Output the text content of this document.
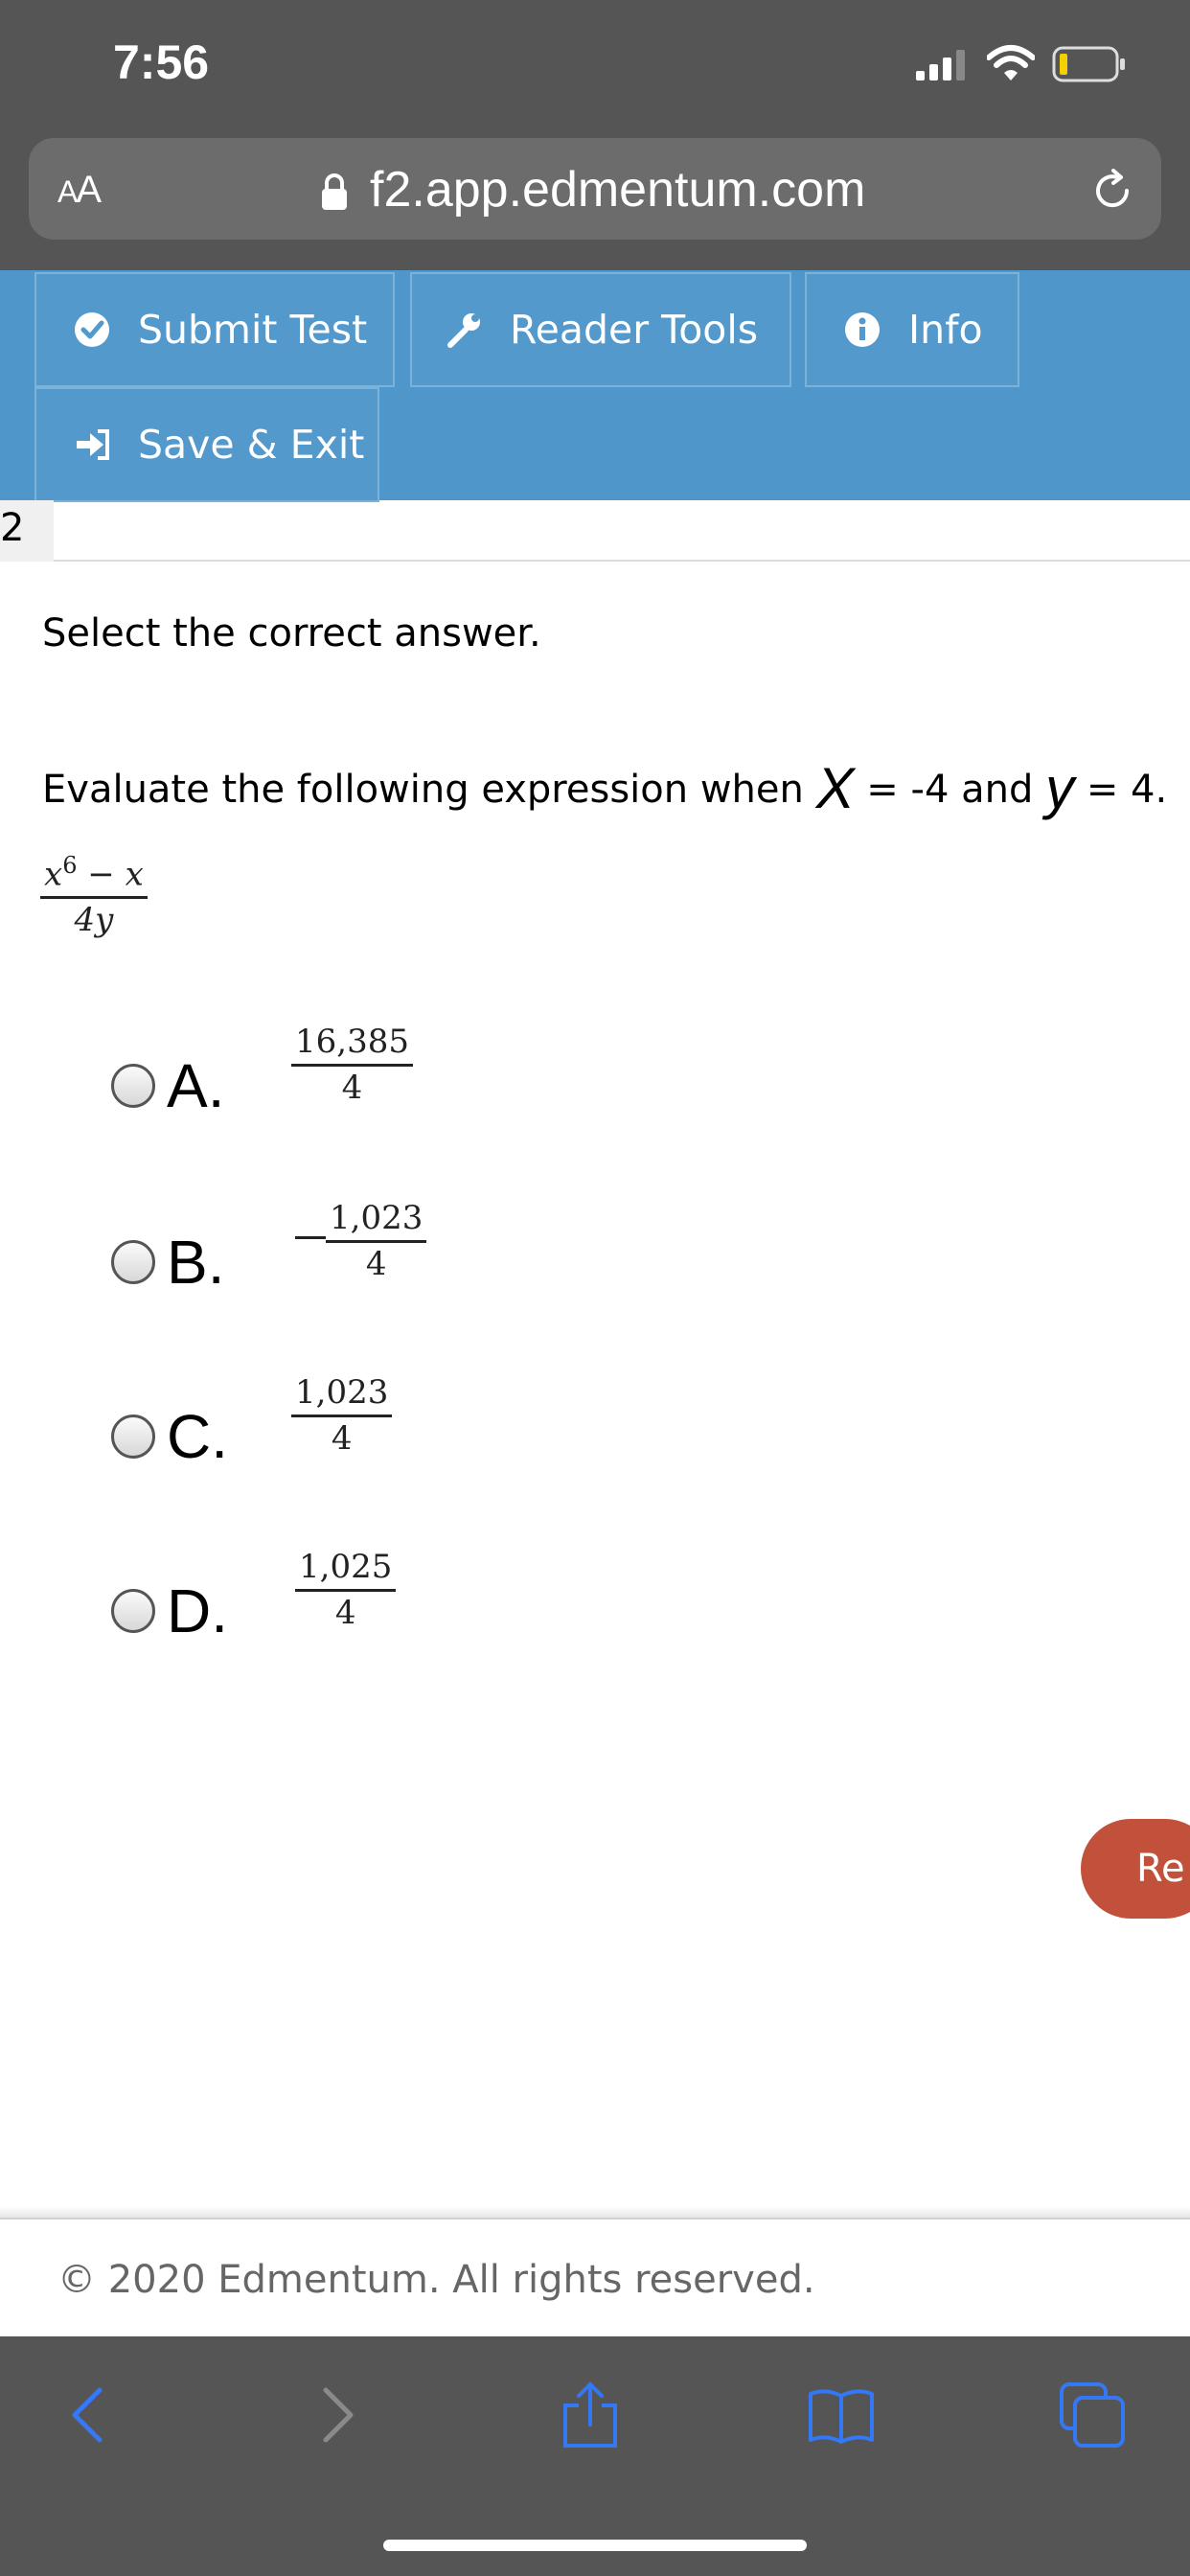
7:56
AA	f2.app.edmentum.com
Submit Test	Reader Tools	Info
Save & Exit
2
Select the correct answer.
Evaluate the following expression when X = -4 and y = 4.
$\frac{x^6 - x}{4y}$
A. $\frac{16,385}{4}$
B.	$\frac{1,023}{4}$
C. $\frac{1,023}{4}$
D. $\frac{1,025}{4}$
Re
© 2020 Edmentum. All rights reserved.
